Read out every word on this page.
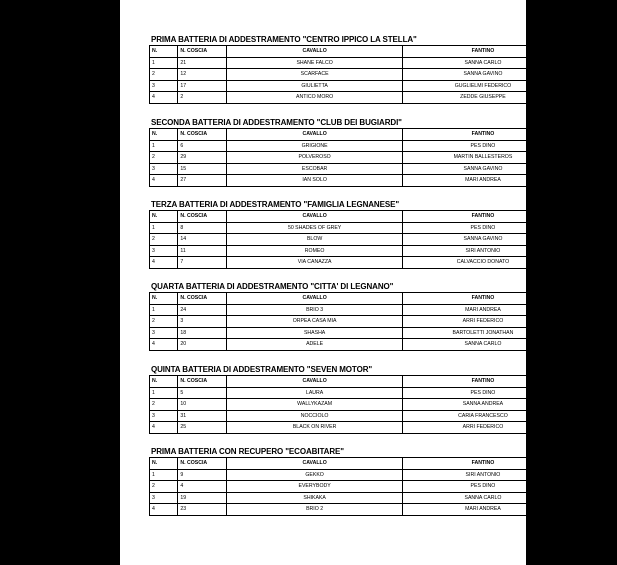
PRIMA BATTERIA DI ADDESTRAMENTO "CENTRO IPPICO LA STELLA"	INIZIO ORE 10.00
N.	N. COSCIA	CAVALLO	FANTINO	ARRIVO
1	21	SHANE FALCO	SANNA CARLO	
2	12	SCARFACE	SANNA GAVINO	
3	17	GIULIETTA	GUGLIELMI FEDERICO	
4	2	ANTICO MORO	ZEDDE GIUSEPPE	
SECONDA BATTERIA DI ADDESTRAMENTO "CLUB DEI BUGIARDI"	INIZIO ORE 10.30
N.	N. COSCIA	CAVALLO	FANTINO	ARRIVO
1	6	GRIGIONE	PES DINO	
2	29	POLVEROSO	MARTIN BALLESTEROS	
3	15	ESCOBAR	SANNA GAVINO	
4	27	IAN SOLO	MARI ANDREA	
TERZA BATTERIA DI ADDESTRAMENTO "FAMIGLIA LEGNANESE"	INIZIO ORE 11.00
N.	N. COSCIA	CAVALLO	FANTINO	ARRIVO
1	8	50 SHADES OF GREY	PES DINO	
2	14	BLOW	SANNA GAVINO	
3	11	ROMEO	SIRI ANTONIO	
4	7	VIA CANAZZA	CALVACCIO DONATO	
QUARTA BATTERIA DI ADDESTRAMENTO "CITTA' DI LEGNANO"	INIZIO ORE 11.30
N.	N. COSCIA	CAVALLO	FANTINO	ARRIVO
1	24	BRIO 3	MARI ANDREA	
2	3	ORPEA CASA MIA	ARRI FEDERICO	
3	18	SHASHA	BARTOLETTI JONATHAN	
4	20	ADELE	SANNA CARLO	
QUINTA BATTERIA DI ADDESTRAMENTO "SEVEN MOTOR"	INIZIO ORE 12.00
N.	N. COSCIA	CAVALLO	FANTINO	ARRIVO
1	5	LAURA	PES DINO	
2	10	WALLYKAZAM	SANNA ANDREA	
3	31	NOCCIOLO	CARIA FRANCESCO	
4	25	BLACK ON RIVER	ARRI FEDERICO	
PRIMA BATTERIA CON RECUPERO "ECOABITARE"	INIZIO ORE 13.00
N.	N. COSCIA	CAVALLO	FANTINO	ARRIVO
1	9	GEKKO	SIRI ANTONIO	
2	4	EVERYBODY	PES DINO	
3	19	SHIKAKA	SANNA CARLO	
4	23	BRIO 2	MARI ANDREA	
